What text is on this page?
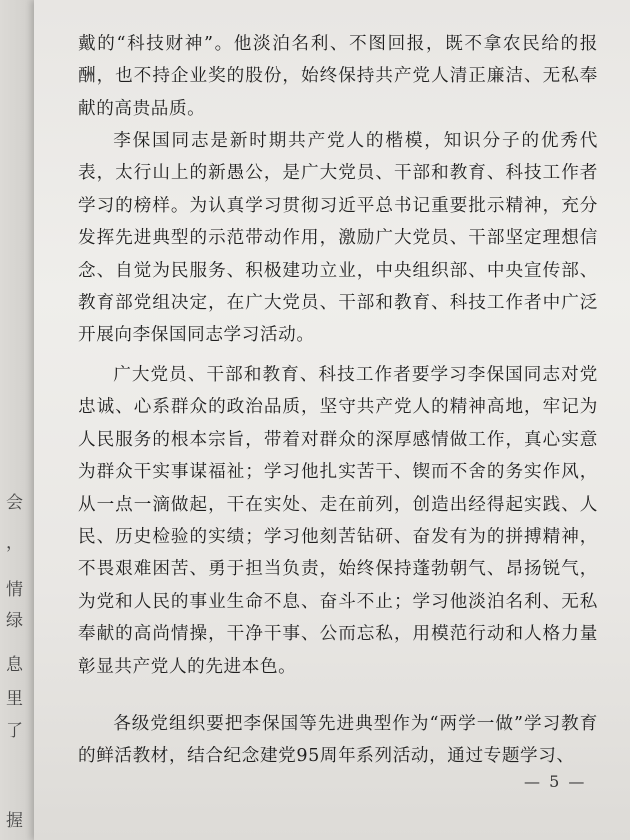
会
，
情
绿
息
里
了
握

戴的“科技财神”。他淡泊名利、不图回报，既不拿农民给的报酬，也不持企业奖的股份，始终保持共产党人清正廉洁、无私奉献的高贵品质。

李保国同志是新时期共产党人的楷模，知识分子的优秀代表，太行山上的新愚公，是广大党员、干部和教育、科技工作者学习的榜样。为认真学习贯彻习近平总书记重要批示精神，充分发挥先进典型的示范带动作用，激励广大党员、干部坚定理想信念、自觉为民服务、积极建功立业，中央组织部、中央宣传部、教育部党组决定，在广大党员、干部和教育、科技工作者中广泛开展向李保国同志学习活动。

广大党员、干部和教育、科技工作者要学习李保国同志对党忠诚、心系群众的政治品质，坚守共产党人的精神高地，牢记为人民服务的根本宗旨，带着对群众的深厚感情做工作，真心实意为群众干实事谋福祉；学习他扎实苦干、锲而不舍的务实作风，从一点一滴做起，干在实处、走在前列，创造出经得起实践、人民、历史检验的实绩；学习他刻苦钻研、奋发有为的拼搏精神，不畏艰难困苦、勇于担当负责，始终保持蓬勃朝气、昂扬锐气，为党和人民的事业生命不息、奋斗不止；学习他淡泊名利、无私奉献的高尚情操，干净干事、公而忘私，用模范行动和人格力量彰显共产党人的先进本色。

各级党组织要把李保国等先进典型作为“两学一做”学习教育的鲜活教材，结合纪念建党95周年系列活动，通过专题学习、

— 5 —
